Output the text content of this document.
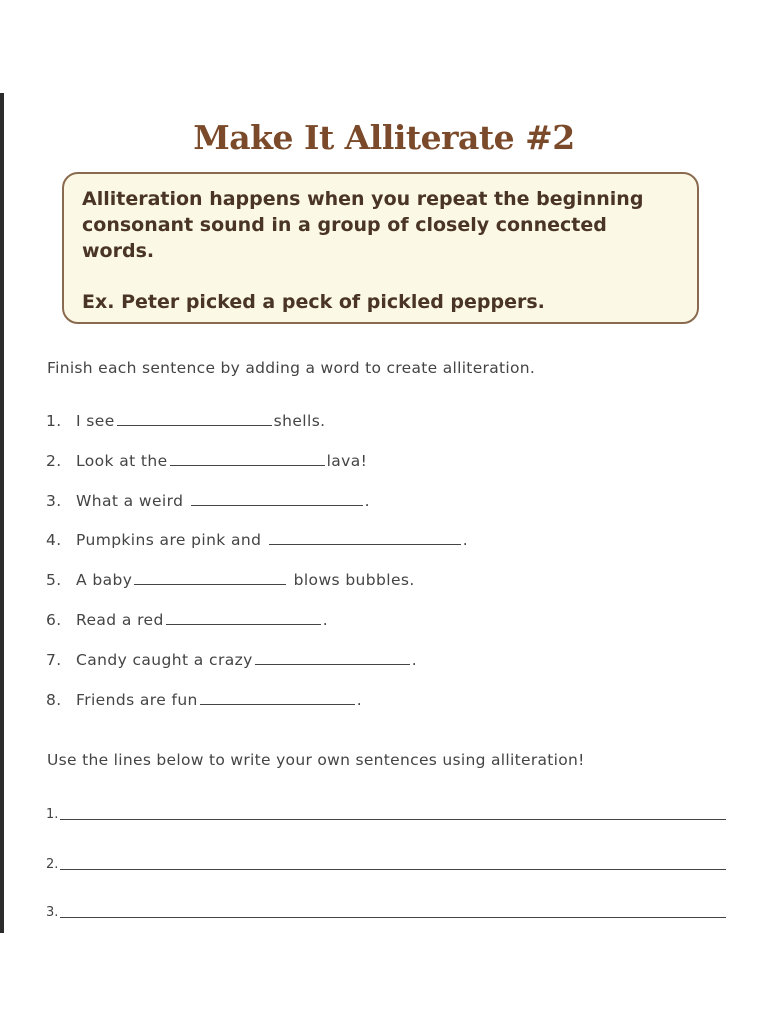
Make It Alliterate #2
Alliteration happens when you repeat the beginning consonant sound in a group of closely connected words.
Ex. Peter picked a peck of pickled peppers.
Finish each sentence by adding a word to create alliteration.
1. I see	shells.
2. Look at the	lava!
3. What a weird	.
4. Pumpkins are pink and	.
5. A baby	blows bubbles.
6. Read a red	.
7. Candy caught a crazy	.
8. Friends are fun	.
Use the lines below to write your own sentences using alliteration!
1.
2.
3.
